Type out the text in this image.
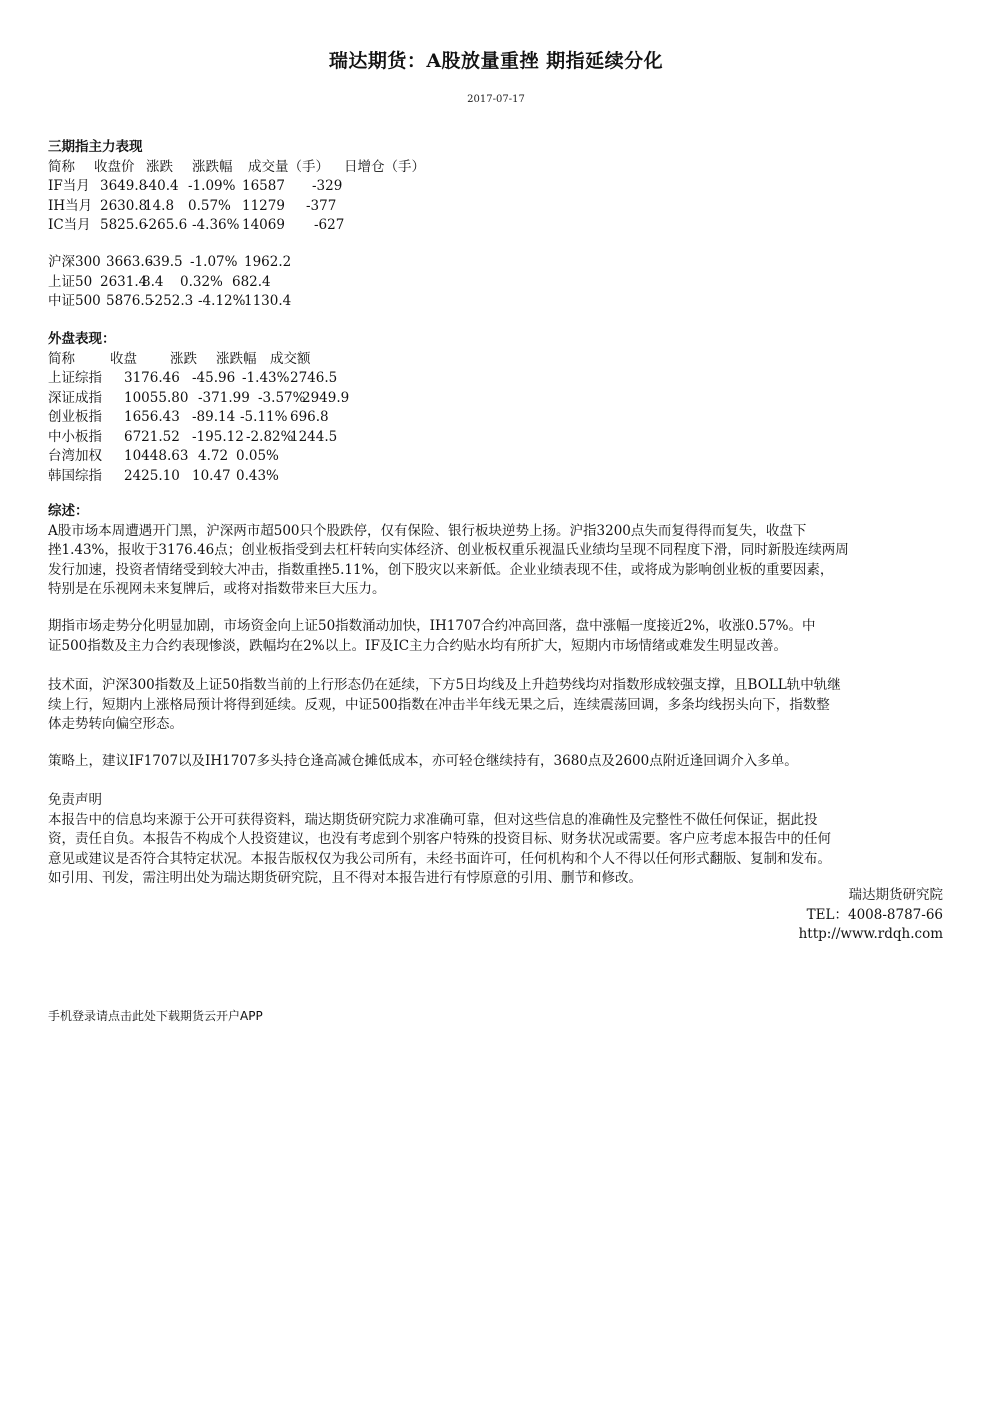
瑞达期货：A股放量重挫 期指延续分化
2017-07-17
三期指主力表现
简称 收盘价 涨跌 涨跌幅 成交量（手） 日增仓（手）
IF当月 3649.8
-40.4 -1.09% 16587 -329
IH当月 2630.8
14.8 0.57% 11279 -377
IC当月 5825.6
-265.6 -4.36% 14069 -627
沪深300 3663.6
-39.5 -1.07% 1962.2
上证50 2631.4
8.4 0.32% 682.4
中证500 5876.5
-252.3 -4.12%
1130.4
外盘表现：
简称	收盘 涨跌 涨跌幅 成交额
上证综指 3176.46 -45.96 -1.43% 2746.5
深证成指 10055.80 -371.99 -3.57%
2949.9
创业板指 1656.43 -89.14 -5.11% 696.8
中小板指 6721.52 -195.12 -2.82%
1244.5
台湾加权 10448.63 4.72 0.05%
韩国综指 2425.10 10.47 0.43%
综述：
A股市场本周遭遇开门黑，沪深两市超500只个股跌停，仅有保险、银行板块逆势上扬。沪指3200点失而复得得而复失，收盘下
挫1.43%，报收于3176.46点；创业板指受到去杠杆转向实体经济、创业板权重乐视温氏业绩均呈现不同程度下滑，同时新股连续两周
发行加速，投资者情绪受到较大冲击，指数重挫5.11%，创下股灾以来新低。企业业绩表现不佳，或将成为影响创业板的重要因素，
特别是在乐视网未来复牌后，或将对指数带来巨大压力。
期指市场走势分化明显加剧，市场资金向上证50指数涌动加快，IH1707合约冲高回落，盘中涨幅一度接近2%，收涨0.57%。中
证500指数及主力合约表现惨淡，跌幅均在2%以上。IF及IC主力合约贴水均有所扩大，短期内市场情绪或难发生明显改善。
技术面，沪深300指数及上证50指数当前的上行形态仍在延续，下方5日均线及上升趋势线均对指数形成较强支撑，且BOLL轨中轨继
续上行，短期内上涨格局预计将得到延续。反观，中证500指数在冲击半年线无果之后，连续震荡回调，多条均线拐头向下，指数整
体走势转向偏空形态。
策略上，建议IF1707以及IH1707多头持仓逢高减仓摊低成本，亦可轻仓继续持有，3680点及2600点附近逢回调介入多单。
免责声明
本报告中的信息均来源于公开可获得资料，瑞达期货研究院力求准确可靠，但对这些信息的准确性及完整性不做任何保证，据此投
资，责任自负。本报告不构成个人投资建议，也没有考虑到个别客户特殊的投资目标、财务状况或需要。客户应考虑本报告中的任何
意见或建议是否符合其特定状况。本报告版权仅为我公司所有，未经书面许可，任何机构和个人不得以任何形式翻版、复制和发布。
如引用、刊发，需注明出处为瑞达期货研究院，且不得对本报告进行有悖原意的引用、删节和修改。
瑞达期货研究院
TEL：4008-8787-66
http://www.rdqh.com
手机登录请点击此处下载期货云开户APP
